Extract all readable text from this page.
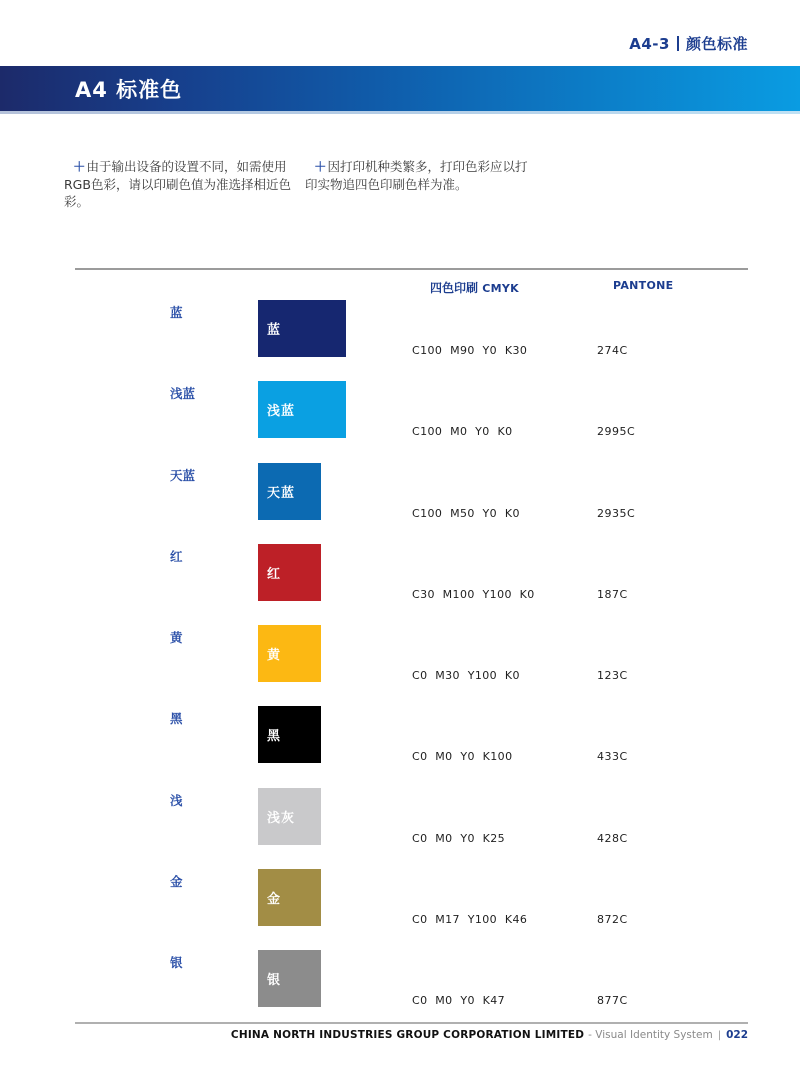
A4-3 颜色标准
A4 标准色
＋由于输出设备的设置不同，如需使用
RGB色彩，请以印刷色值为准选择相近色
彩。
＋因打印机种类繁多，打印色彩应以打
印实物追四色印刷色样为准。
四色印刷 CMYK	PANTONE
蓝
蓝
C100  M90  Y0  K30	274C
浅蓝
浅蓝
C100  M0  Y0  K0	2995C
天蓝
天蓝
C100  M50  Y0  K0	2935C
红
红
C30  M100  Y100  K0	187C
黄
黄
C0  M30  Y100  K0	123C
黑
黑
C0  M0  Y0  K100	433C
浅
浅灰
C0  M0  Y0  K25	428C
金
金
C0  M17  Y100  K46	872C
银
银
C0  M0  Y0  K47	877C
CHINA NORTH INDUSTRIES GROUP CORPORATION LIMITED - Visual Identity System | 022
